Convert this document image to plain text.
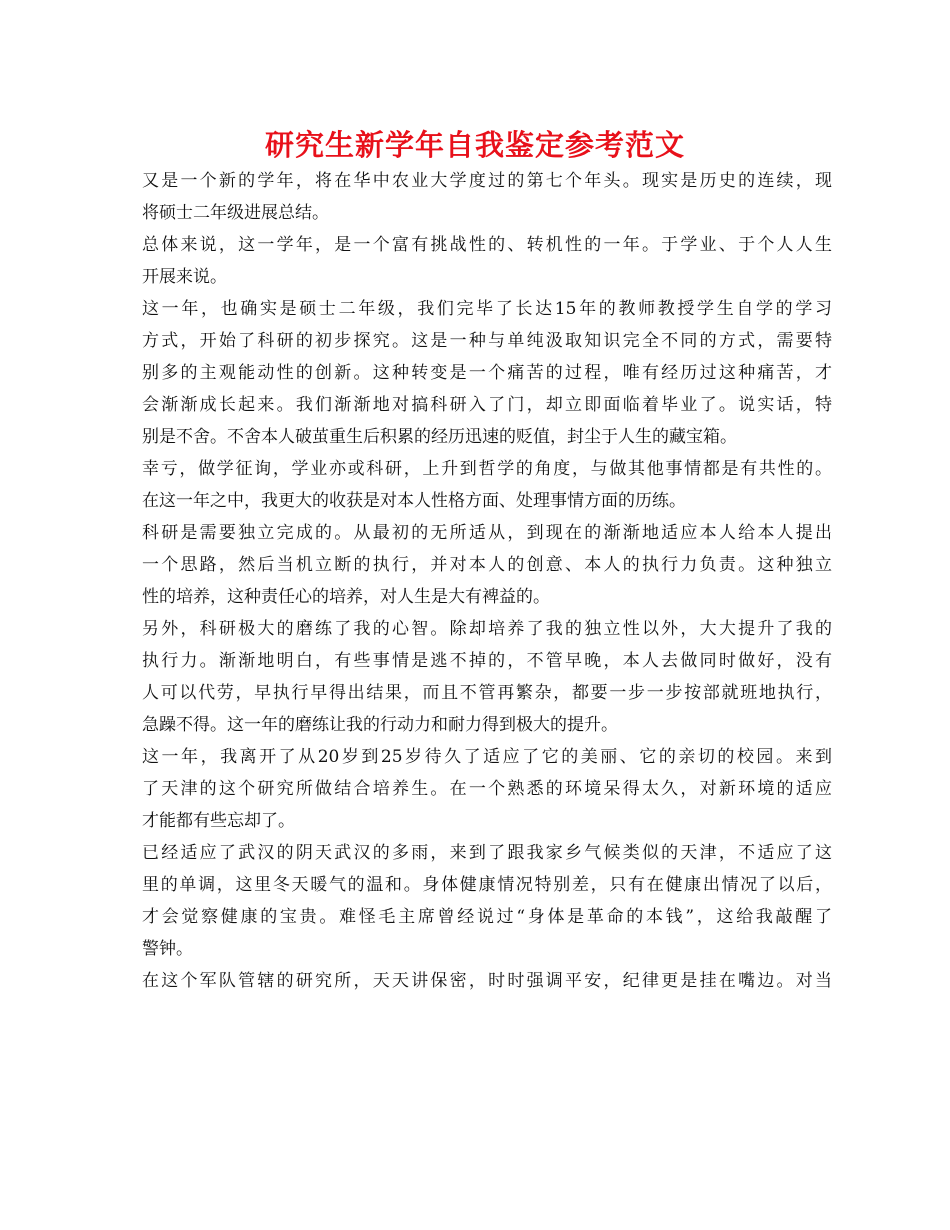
研究生新学年自我鉴定参考范文
又是一个新的学年，将在华中农业大学度过的第七个年头。现实是历史的连续，现
将硕士二年级进展总结。
总体来说，这一学年，是一个富有挑战性的、转机性的一年。于学业、于个人人生
开展来说。
这一年，也确实是硕士二年级，我们完毕了长达15年的教师教授学生自学的学习
方式，开始了科研的初步探究。这是一种与单纯汲取知识完全不同的方式，需要特
别多的主观能动性的创新。这种转变是一个痛苦的过程，唯有经历过这种痛苦，才
会渐渐成长起来。我们渐渐地对搞科研入了门，却立即面临着毕业了。说实话，特
别是不舍。不舍本人破茧重生后积累的经历迅速的贬值，封尘于人生的藏宝箱。
幸亏，做学征询，学业亦或科研，上升到哲学的角度，与做其他事情都是有共性的。
在这一年之中，我更大的收获是对本人性格方面、处理事情方面的历练。
科研是需要独立完成的。从最初的无所适从，到现在的渐渐地适应本人给本人提出
一个思路，然后当机立断的执行，并对本人的创意、本人的执行力负责。这种独立
性的培养，这种责任心的培养，对人生是大有裨益的。
另外，科研极大的磨练了我的心智。除却培养了我的独立性以外，大大提升了我的
执行力。渐渐地明白，有些事情是逃不掉的，不管早晚，本人去做同时做好，没有
人可以代劳，早执行早得出结果，而且不管再繁杂，都要一步一步按部就班地执行，
急躁不得。这一年的磨练让我的行动力和耐力得到极大的提升。
这一年，我离开了从20岁到25岁待久了适应了它的美丽、它的亲切的校园。来到
了天津的这个研究所做结合培养生。在一个熟悉的环境呆得太久，对新环境的适应
才能都有些忘却了。
已经适应了武汉的阴天武汉的多雨，来到了跟我家乡气候类似的天津，不适应了这
里的单调，这里冬天暖气的温和。身体健康情况特别差，只有在健康出情况了以后，
才会觉察健康的宝贵。难怪毛主席曾经说过“身体是革命的本钱”，这给我敲醒了
警钟。
在这个军队管辖的研究所，天天讲保密，时时强调平安，纪律更是挂在嘴边。对当
